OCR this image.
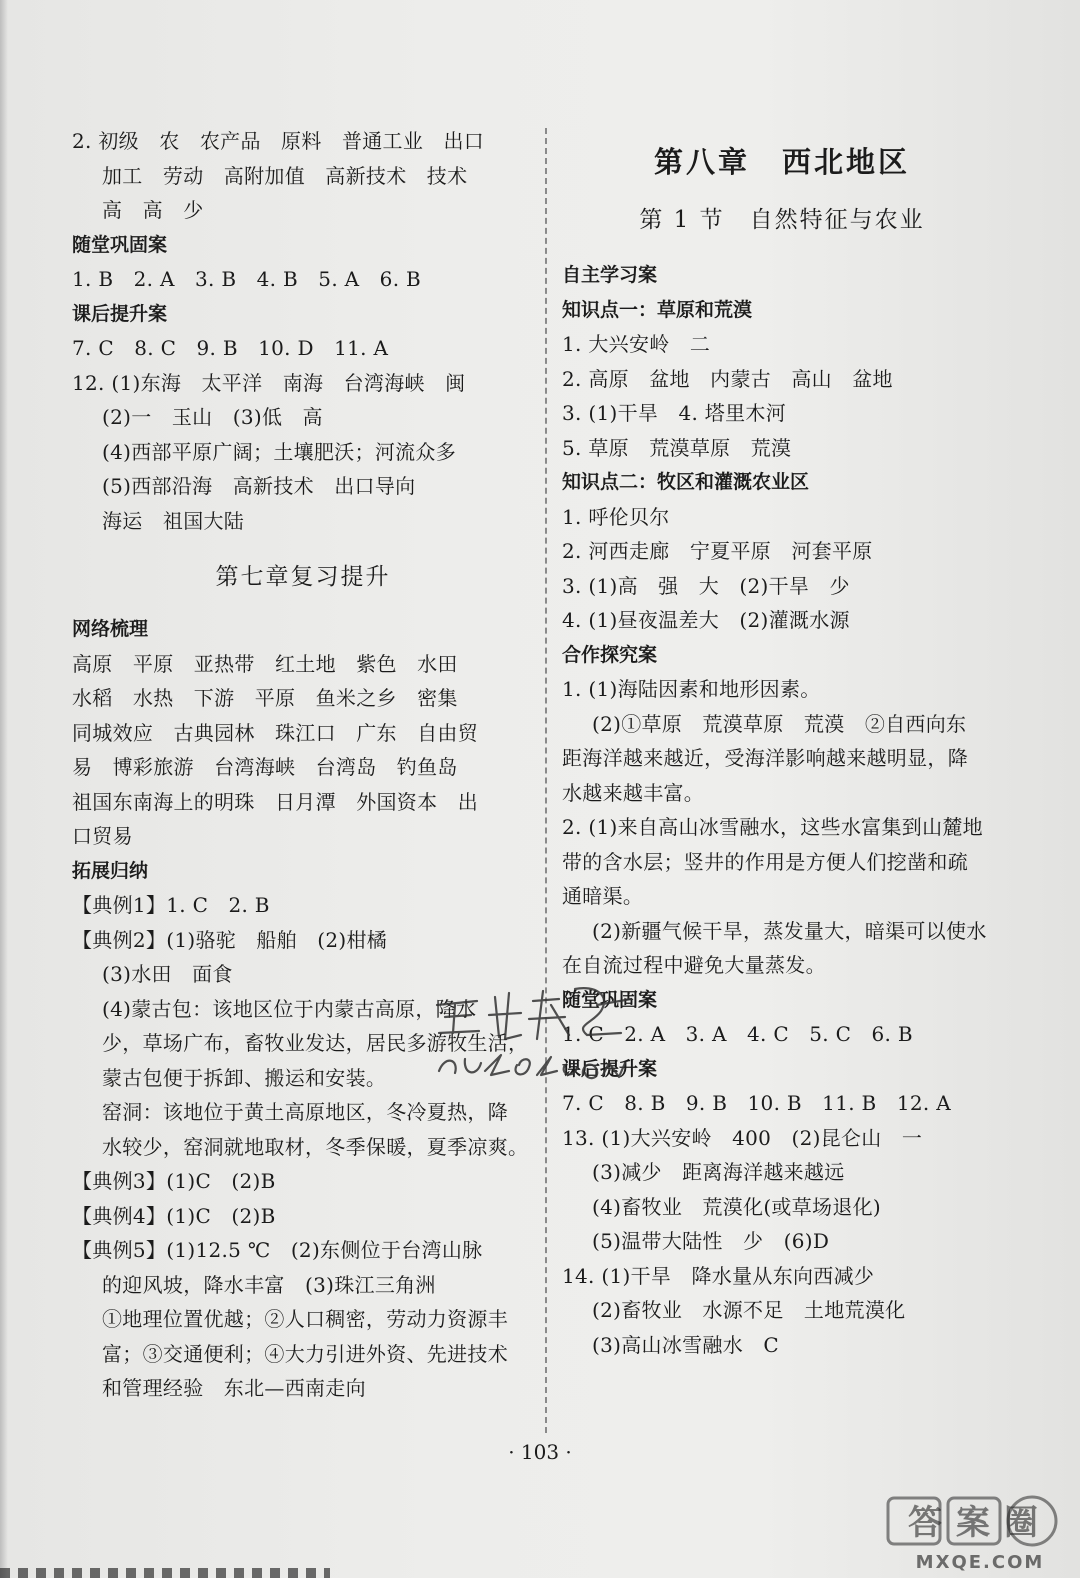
2. 初级　农　农产品　原料　普通工业　出口
加工　劳动　高附加值　高新技术　技术
高　高　少
随堂巩固案
1. B　2. A　3. B　4. B　5. A　6. B
课后提升案
7. C　8. C　9. B　10. D　11. A
12. (1)东海　太平洋　南海　台湾海峡　闽
(2)一　玉山　(3)低　高
(4)西部平原广阔；土壤肥沃；河流众多
(5)西部沿海　高新技术　出口导向
海运　祖国大陆
第七章复习提升
网络梳理
高原　平原　亚热带　红土地　紫色　水田
水稻　水热　下游　平原　鱼米之乡　密集
同城效应　古典园林　珠江口　广东　自由贸
易　博彩旅游　台湾海峡　台湾岛　钓鱼岛
祖国东南海上的明珠　日月潭　外国资本　出
口贸易
拓展归纳
【典例1】1. C　2. B
【典例2】(1)骆驼　船舶　(2)柑橘
(3)水田　面食
(4)蒙古包：该地区位于内蒙古高原，降水
少，草场广布，畜牧业发达，居民多游牧生活，
蒙古包便于拆卸、搬运和安装。
窑洞：该地位于黄土高原地区，冬冷夏热，降
水较少，窑洞就地取材，冬季保暖，夏季凉爽。
【典例3】(1)C　(2)B
【典例4】(1)C　(2)B
【典例5】(1)12.5 ℃　(2)东侧位于台湾山脉
的迎风坡，降水丰富　(3)珠江三角洲
①地理位置优越；②人口稠密，劳动力资源丰
富；③交通便利；④大力引进外资、先进技术
和管理经验　东北—西南走向
第八章　西北地区
第 1 节　自然特征与农业
自主学习案
知识点一：草原和荒漠
1. 大兴安岭　二
2. 高原　盆地　内蒙古　高山　盆地
3. (1)干旱　4. 塔里木河
5. 草原　荒漠草原　荒漠
知识点二：牧区和灌溉农业区
1. 呼伦贝尔
2. 河西走廊　宁夏平原　河套平原
3. (1)高　强　大　(2)干旱　少
4. (1)昼夜温差大　(2)灌溉水源
合作探究案
1. (1)海陆因素和地形因素。
(2)①草原　荒漠草原　荒漠　②自西向东
距海洋越来越近，受海洋影响越来越明显，降
水越来越丰富。
2. (1)来自高山冰雪融水，这些水富集到山麓地
带的含水层；竖井的作用是方便人们挖凿和疏
通暗渠。
(2)新疆气候干旱，蒸发量大，暗渠可以使水
在自流过程中避免大量蒸发。
随堂巩固案
1. C　2. A　3. A　4. C　5. C　6. B
课后提升案
7. C　8. B　9. B　10. B　11. B　12. A
13. (1)大兴安岭　400　(2)昆仑山　一
(3)减少　距离海洋越来越远
(4)畜牧业　荒漠化(或草场退化)
(5)温带大陆性　少　(6)D
14. (1)干旱　降水量从东向西减少
(2)畜牧业　水源不足　土地荒漠化
(3)高山冰雪融水　C
· 103 ·
答案圈
MXQE.COM
